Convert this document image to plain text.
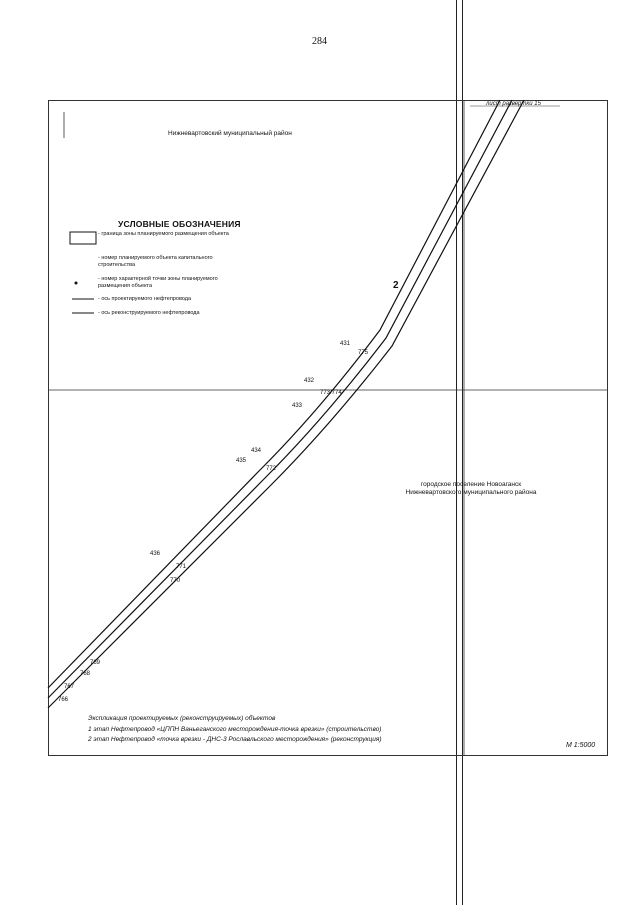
284
лист развертки 15
Нижневартовский муниципальный район
городское поселение Новоаганск
Нижневартовского муниципального района
2
431
775
432
433
773/774
434
435
772
436
771
770
769
768
767
766
УСЛОВНЫЕ ОБОЗНАЧЕНИЯ
- граница зоны планируемого размещения объекта
- номер планируемого объекта капитального строительства
- номер характерной точки зоны планируемого размещения объекта
- ось проектируемого нефтепровода
- ось реконструируемого нефтепровода
Экспликация проектируемых (реконструируемых) объектов
1 этап Нефтепровод «ЦППН Ваньеганского месторождения-точка врезки» (строительство)
2 этап Нефтепровод «точка врезки - ДНС-3 Рославльского месторождения» (реконструкция)
М 1:5000
